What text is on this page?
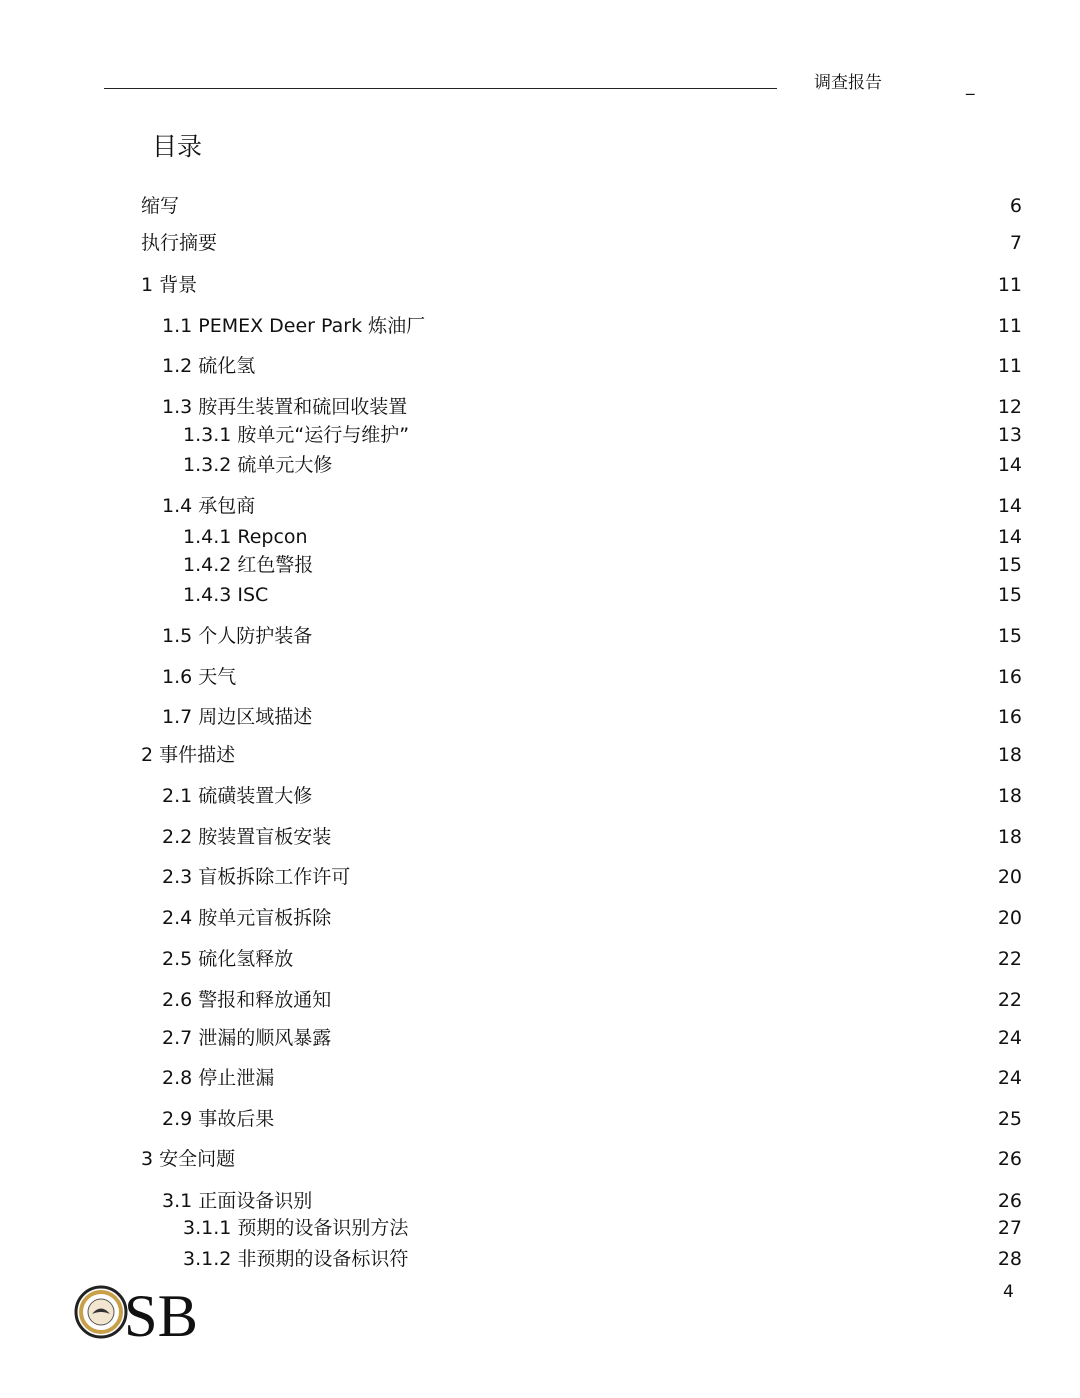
调查报告	_
目录
缩写	6
执行摘要	7
1 背景	11
1.1 PEMEX Deer Park 炼油厂	11
1.2 硫化氢	11
1.3 胺再生装置和硫回收装置	12
1.3.1 胺单元“运行与维护”	13
1.3.2 硫单元大修	14
1.4 承包商	14
1.4.1 Repcon	14
1.4.2 红色警报	15
1.4.3 ISC	15
1.5 个人防护装备	15
1.6 天气	16
1.7 周边区域描述	16
2 事件描述	18
2.1 硫磺装置大修	18
2.2 胺装置盲板安装	18
2.3 盲板拆除工作许可	20
2.4 胺单元盲板拆除	20
2.5 硫化氢释放	22
2.6 警报和释放通知	22
2.7 泄漏的顺风暴露	24
2.8 停止泄漏	24
2.9 事故后果	25
3 安全问题	26
3.1 正面设备识别	26
3.1.1 预期的设备识别方法	27
3.1.2 非预期的设备标识符	28
SB	4
